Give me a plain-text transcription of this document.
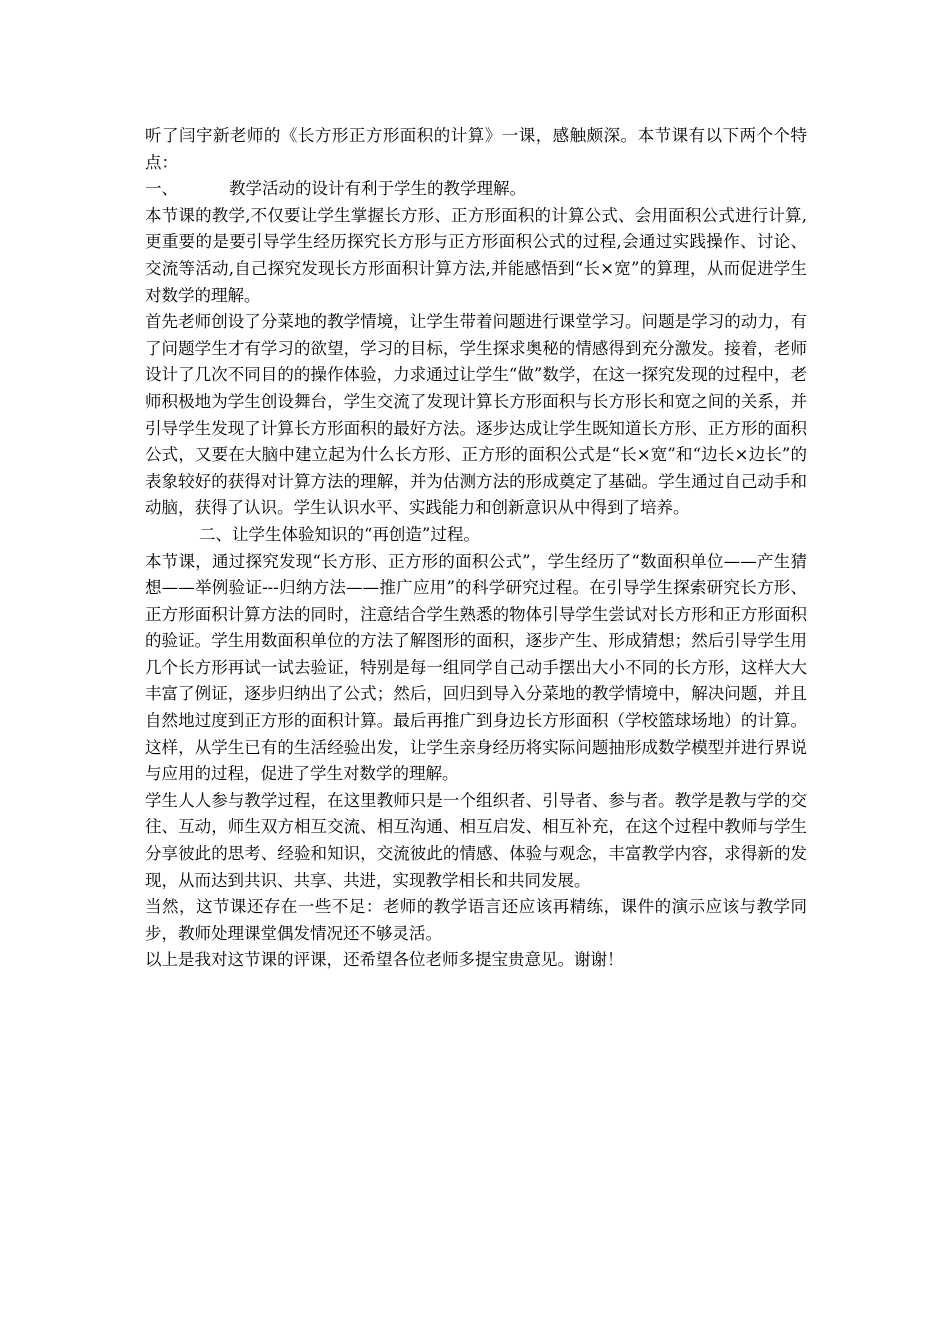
听了闫宇新老师的《长方形正方形面积的计算》一课，感触颇深。本节课有以下两个个特点：

一、	教学活动的设计有利于学生的教学理解。

本节课的教学,不仅要让学生掌握长方形、正方形面积的计算公式、会用面积公式进行计算,更重要的是要引导学生经历探究长方形与正方形面积公式的过程,会通过实践操作、讨论、交流等活动,自己探究发现长方形面积计算方法,并能感悟到“长×宽”的算理，从而促进学生对数学的理解。

首先老师创设了分菜地的教学情境，让学生带着问题进行课堂学习。问题是学习的动力，有了问题学生才有学习的欲望，学习的目标，学生探求奥秘的情感得到充分激发。接着，老师设计了几次不同目的的操作体验，力求通过让学生“做”数学，在这一探究发现的过程中，老师积极地为学生创设舞台，学生交流了发现计算长方形面积与长方形长和宽之间的关系，并引导学生发现了计算长方形面积的最好方法。逐步达成让学生既知道长方形、正方形的面积公式，又要在大脑中建立起为什么长方形、正方形的面积公式是“长×宽”和“边长×边长”的表象较好的获得对计算方法的理解，并为估测方法的形成奠定了基础。学生通过自己动手和动脑，获得了认识。学生认识水平、实践能力和创新意识从中得到了培养。

二、让学生体验知识的“再创造”过程。

本节课，通过探究发现“长方形、正方形的面积公式”，学生经历了“数面积单位——产生猜想——举例验证---归纳方法——推广应用”的科学研究过程。在引导学生探索研究长方形、正方形面积计算方法的同时，注意结合学生熟悉的物体引导学生尝试对长方形和正方形面积的验证。学生用数面积单位的方法了解图形的面积，逐步产生、形成猜想；然后引导学生用几个长方形再试一试去验证，特别是每一组同学自己动手摆出大小不同的长方形，这样大大丰富了例证，逐步归纳出了公式；然后，回归到导入分菜地的教学情境中，解决问题，并且自然地过度到正方形的面积计算。最后再推广到身边长方形面积（学校篮球场地）的计算。这样，从学生已有的生活经验出发，让学生亲身经历将实际问题抽形成数学模型并进行界说与应用的过程，促进了学生对数学的理解。

学生人人参与教学过程，在这里教师只是一个组织者、引导者、参与者。教学是教与学的交往、互动，师生双方相互交流、相互沟通、相互启发、相互补充，在这个过程中教师与学生分享彼此的思考、经验和知识，交流彼此的情感、体验与观念，丰富教学内容，求得新的发现，从而达到共识、共享、共进，实现教学相长和共同发展。

当然，这节课还存在一些不足：老师的教学语言还应该再精练，课件的演示应该与教学同步，教师处理课堂偶发情况还不够灵活。

以上是我对这节课的评课，还希望各位老师多提宝贵意见。谢谢！
